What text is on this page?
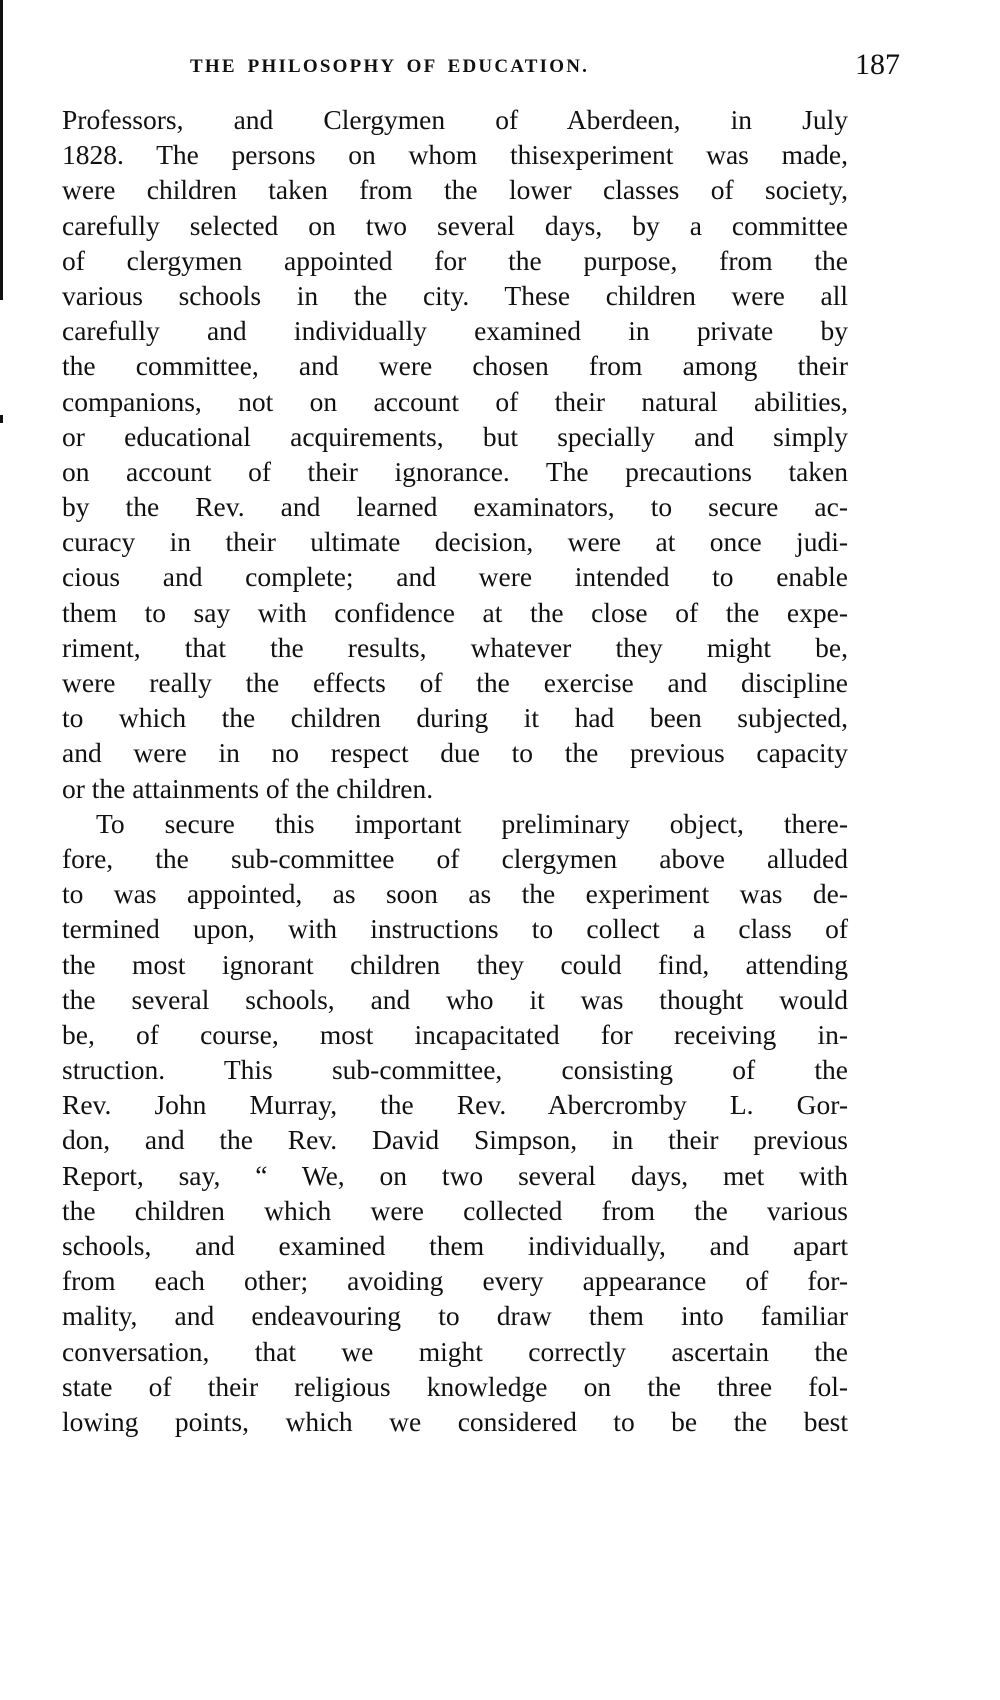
THE PHILOSOPHY OF EDUCATION.	187
Professors, and Clergymen of Aberdeen, in July
1828. The persons on whom thisexperiment was made,
were children taken from the lower classes of society,
carefully selected on two several days, by a committee
of clergymen appointed for the purpose, from the
various schools in the city. These children were all
carefully and individually examined in private by
the committee, and were chosen from among their
companions, not on account of their natural abilities,
or educational acquirements, but specially and simply
on account of their ignorance. The precautions taken
by the Rev. and learned examinators, to secure ac-
curacy in their ultimate decision, were at once judi-
cious and complete; and were intended to enable
them to say with confidence at the close of the expe-
riment, that the results, whatever they might be,
were really the effects of the exercise and discipline
to which the children during it had been subjected,
and were in no respect due to the previous capacity
or the attainments of the children.
To secure this important preliminary object, there-
fore, the sub-committee of clergymen above alluded
to was appointed, as soon as the experiment was de-
termined upon, with instructions to collect a class of
the most ignorant children they could find, attending
the several schools, and who it was thought would
be, of course, most incapacitated for receiving in-
struction. This sub-committee, consisting of the
Rev. John Murray, the Rev. Abercromby L. Gor-
don, and the Rev. David Simpson, in their previous
Report, say, “ We, on two several days, met with
the children which were collected from the various
schools, and examined them individually, and apart
from each other; avoiding every appearance of for-
mality, and endeavouring to draw them into familiar
conversation, that we might correctly ascertain the
state of their religious knowledge on the three fol-
lowing points, which we considered to be the best
